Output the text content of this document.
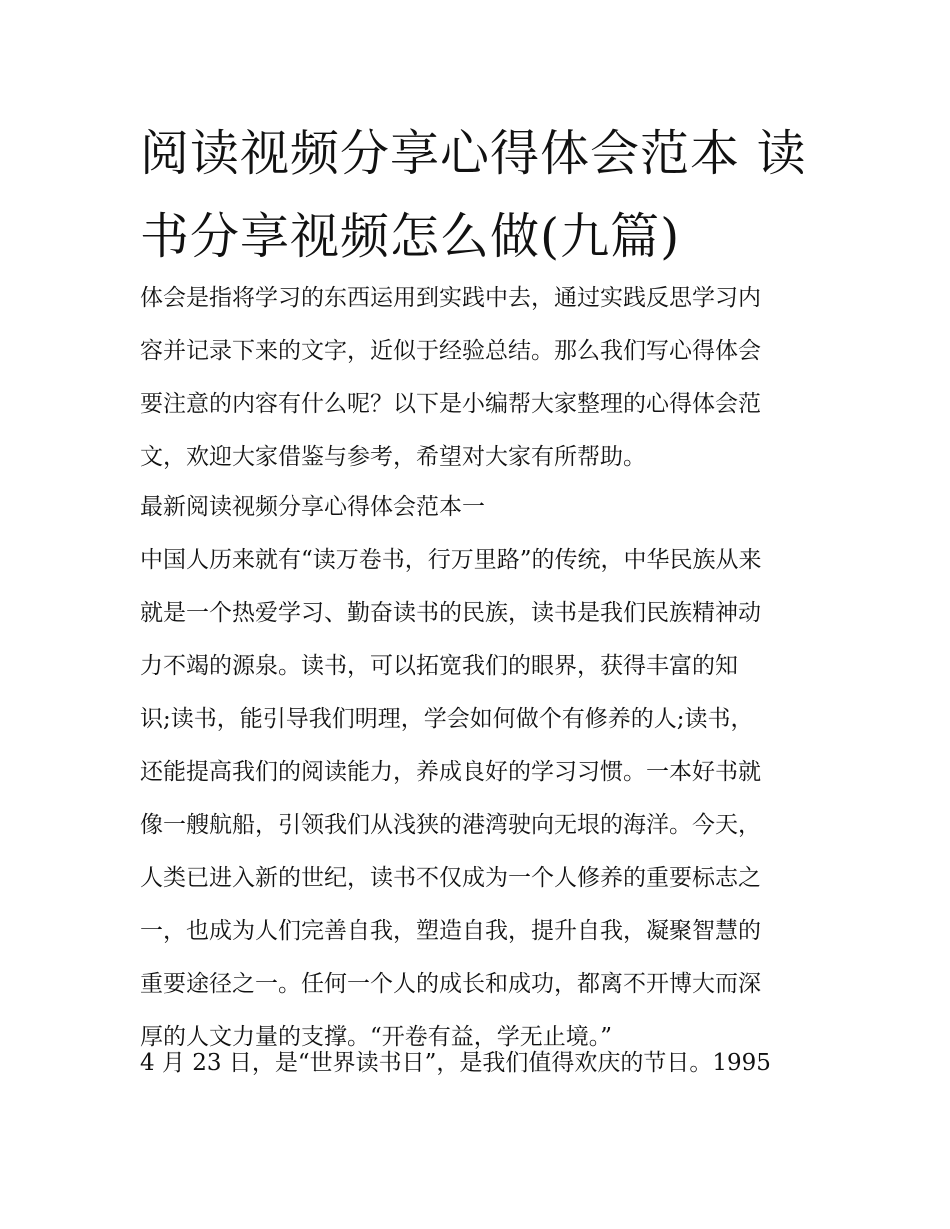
阅读视频分享心得体会范本 读
书分享视频怎么做(九篇)
体会是指将学习的东西运用到实践中去，通过实践反思学习内
容并记录下来的文字，近似于经验总结。那么我们写心得体会
要注意的内容有什么呢？以下是小编帮大家整理的心得体会范
文，欢迎大家借鉴与参考，希望对大家有所帮助。
最新阅读视频分享心得体会范本一
中国人历来就有“读万卷书，行万里路”的传统，中华民族从来
就是一个热爱学习、勤奋读书的民族，读书是我们民族精神动
力不竭的源泉。读书，可以拓宽我们的眼界，获得丰富的知
识;读书，能引导我们明理，学会如何做个有修养的人;读书，
还能提高我们的阅读能力，养成良好的学习习惯。一本好书就
像一艘航船，引领我们从浅狭的港湾驶向无垠的海洋。今天，
人类已进入新的世纪，读书不仅成为一个人修养的重要标志之
一，也成为人们完善自我，塑造自我，提升自我，凝聚智慧的
重要途径之一。任何一个人的成长和成功，都离不开博大而深
厚的人文力量的支撑。“开卷有益，学无止境。”
4 月 23 日，是“世界读书日”，是我们值得欢庆的节日。1995
